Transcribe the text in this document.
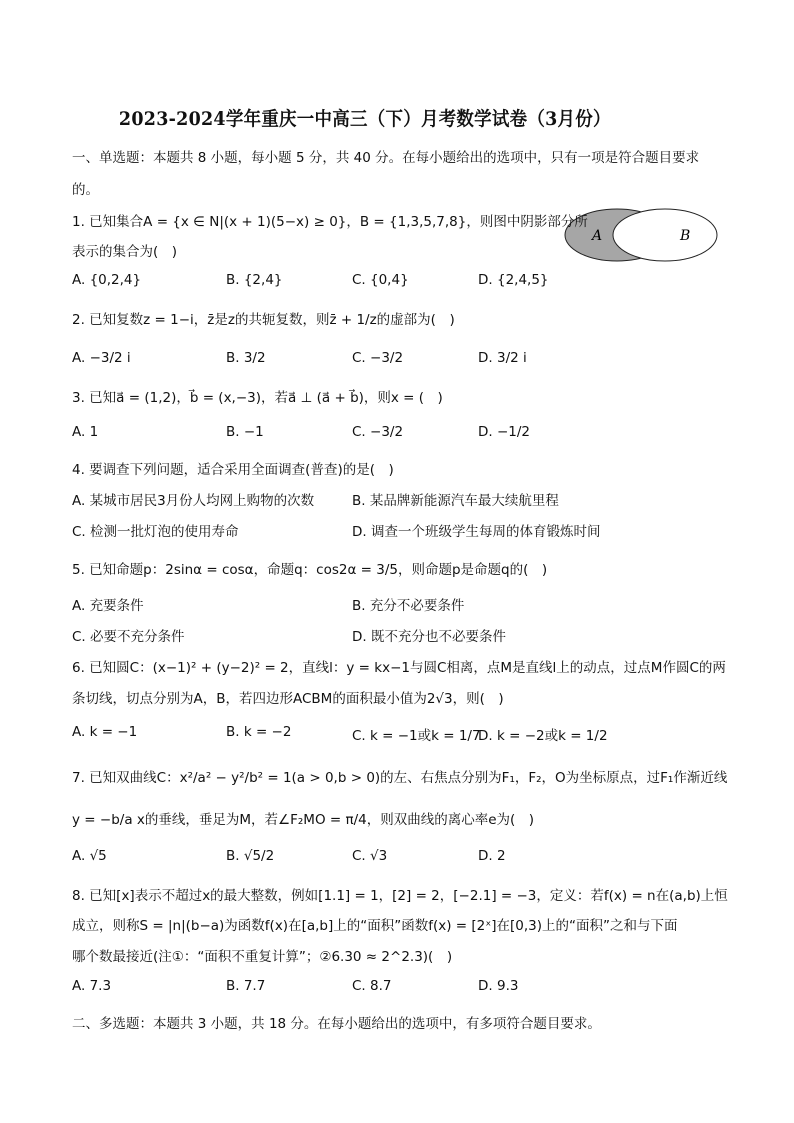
2023-2024学年重庆一中高三（下）月考数学试卷（3月份）
一、单选题：本题共 8 小题，每小题 5 分，共 40 分。在每小题给出的选项中，只有一项是符合题目要求
的。
A	B
1. 已知集合A = {x ∈ N|(x + 1)(5−x) ≥ 0}，B = {1,3,5,7,8}，则图中阴影部分所
表示的集合为(　)
A. {0,2,4}	B. {2,4}	C. {0,4}	D. {2,4,5}
2. 已知复数z = 1−i，z̄是z的共轭复数，则z̄ + 1/z的虚部为(　)
A. −3/2 i	B. 3/2	C. −3/2	D. 3/2 i
3. 已知a⃗ = (1,2)，b⃗ = (x,−3)，若a⃗ ⊥ (a⃗ + b⃗)，则x = (　)
A. 1	B. −1	C. −3/2	D. −1/2
4. 要调查下列问题，适合采用全面调查(普查)的是(　)
A. 某城市居民3月份人均网上购物的次数	B. 某品牌新能源汽车最大续航里程
C. 检测一批灯泡的使用寿命	D. 调查一个班级学生每周的体育锻炼时间
5. 已知命题p：2sinα = cosα，命题q：cos2α = 3/5，则命题p是命题q的(　)
A. 充要条件	B. 充分不必要条件
C. 必要不充分条件	D. 既不充分也不必要条件
6. 已知圆C：(x−1)² + (y−2)² = 2，直线l：y = kx−1与圆C相离，点M是直线l上的动点，过点M作圆C的两
条切线，切点分别为A，B，若四边形ACBM的面积最小值为2√3，则(　)
A. k = −1	B. k = −2	C. k = −1或k = 1/7
D. k = −2或k = 1/2
7. 已知双曲线C：x²/a² − y²/b² = 1(a > 0,b > 0)的左、右焦点分别为F₁，F₂，O为坐标原点，过F₁作渐近线
y = −b/a x的垂线，垂足为M，若∠F₂MO = π/4，则双曲线的离心率e为(　)
A. √5	B. √5/2	C. √3	D. 2
8. 已知[x]表示不超过x的最大整数，例如[1.1] = 1，[2] = 2，[−2.1] = −3，定义：若f(x) = n在(a,b)上恒
成立，则称S = |n|(b−a)为函数f(x)在[a,b]上的“面积”函数f(x) = [2ˣ]在[0,3)上的“面积”之和与下面
哪个数最接近(注①：“面积不重复计算”；②6.30 ≈ 2^2.3)(　)
A. 7.3	B. 7.7	C. 8.7	D. 9.3
二、多选题：本题共 3 小题，共 18 分。在每小题给出的选项中，有多项符合题目要求。
